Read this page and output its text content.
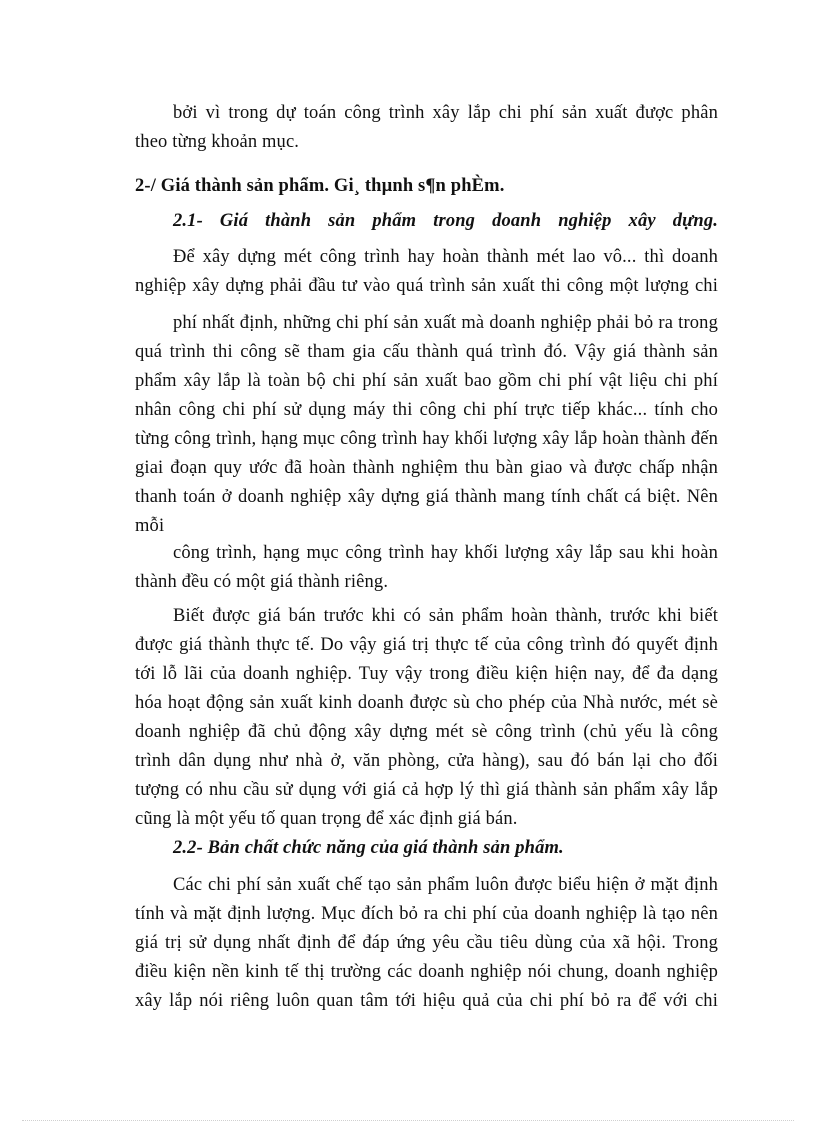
bởi vì trong dự toán công trình xây lắp chi phí sản xuất được phân
theo từng khoản mục.
2-/ Giá thành sản phẩm. Gi¸ thµnh s¶n phÈm.
2.1- Giá thành sản phẩm trong doanh nghiệp xây dựng.
Để xây dựng mét công trình hay hoàn thành mét lao vô... thì doanh
nghiệp xây dựng phải đầu tư vào quá trình sản xuất thi công một lượng chi
phí nhất định, những chi phí sản xuất mà doanh nghiệp phải bỏ ra trong
quá trình thi công sẽ tham gia cấu thành quá trình đó. Vậy giá thành sản
phẩm xây lắp là toàn bộ chi phí sản xuất bao gồm chi phí vật liệu chi phí
nhân công chi phí sử dụng máy thi công chi phí trực tiếp khác... tính cho
từng công trình, hạng mục công trình hay khối lượng xây lắp hoàn thành đến
giai đoạn quy ước đã hoàn thành nghiệm thu bàn giao và được chấp nhận
thanh toán ở doanh nghiệp xây dựng giá thành mang tính chất cá biệt. Nên
mỗi
công trình, hạng mục công trình hay khối lượng xây lắp sau khi hoàn
thành đều có một giá thành riêng.
Biết được giá bán trước khi có sản phẩm hoàn thành, trước khi biết
được giá thành thực tế. Do vậy giá trị thực tế của công trình đó quyết định
tới lỗ lãi của doanh nghiệp. Tuy vậy trong điều kiện hiện nay, để đa dạng
hóa hoạt động sản xuất kinh doanh được sù cho phép của Nhà nước, mét sè
doanh nghiệp đã chủ động xây dựng mét sè công trình (chủ yếu là công
trình dân dụng như nhà ở, văn phòng, cửa hàng), sau đó bán lại cho đối
tượng có nhu cầu sử dụng với giá cả hợp lý thì giá thành sản phẩm xây lắp
cũng là một yếu tố quan trọng để xác định giá bán.
2.2- Bản chất chức năng của giá thành sản phẩm.
Các chi phí sản xuất chế tạo sản phẩm luôn được biểu hiện ở mặt định
tính và mặt định lượng. Mục đích bỏ ra chi phí của doanh nghiệp là tạo nên
giá trị sử dụng nhất định để đáp ứng yêu cầu tiêu dùng của xã hội. Trong
điều kiện nền kinh tế thị trường các doanh nghiệp nói chung, doanh nghiệp
xây lắp nói riêng luôn quan tâm tới hiệu quả của chi phí bỏ ra để với chi
